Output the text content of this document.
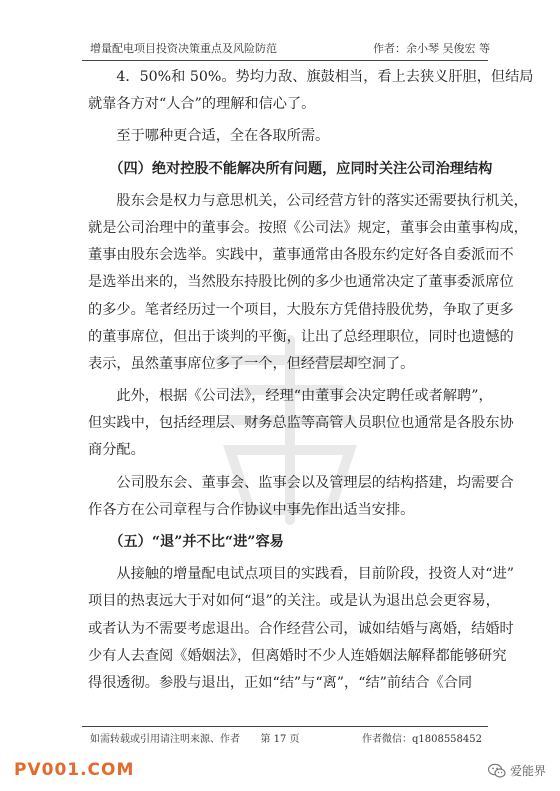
增量配电项目投资决策重点及风险防范	作者：余小琴 吴俊宏 等
4．50%和 50%。势均力敌、旗鼓相当，看上去狭义肝胆，但结局
就靠各方对“人合”的理解和信心了。
至于哪种更合适，全在各取所需。
（四）绝对控股不能解决所有问题，应同时关注公司治理结构
股东会是权力与意思机关，公司经营方针的落实还需要执行机关，
就是公司治理中的董事会。按照《公司法》规定，董事会由董事构成，
董事由股东会选举。实践中，董事通常由各股东约定好各自委派而不
是选举出来的，当然股东持股比例的多少也通常决定了董事委派席位
的多少。笔者经历过一个项目，大股东方凭借持股优势，争取了更多
的董事席位，但出于谈判的平衡，让出了总经理职位，同时也遗憾的
表示，虽然董事席位多了一个，但经营层却空洞了。
此外，根据《公司法》，经理“由董事会决定聘任或者解聘”，
但实践中，包括经理层、财务总监等高管人员职位也通常是各股东协
商分配。
公司股东会、董事会、监事会以及管理层的结构搭建，均需要合
作各方在公司章程与合作协议中事先作出适当安排。
（五）“退”并不比“进”容易
从接触的增量配电试点项目的实践看，目前阶段，投资人对“进”
项目的热衷远大于对如何“退”的关注。或是认为退出总会更容易，
或者认为不需要考虑退出。合作经营公司，诚如结婚与离婚，结婚时
少有人去查阅《婚姻法》，但离婚时不少人连婚姻法解释都能够研究
得很透彻。参股与退出，正如“结”与“离”，“结”前结合《合同
如需转载或引用请注明来源、作者	第 17 页	作者微信：q1808558452
PV001.COM	爱能界
